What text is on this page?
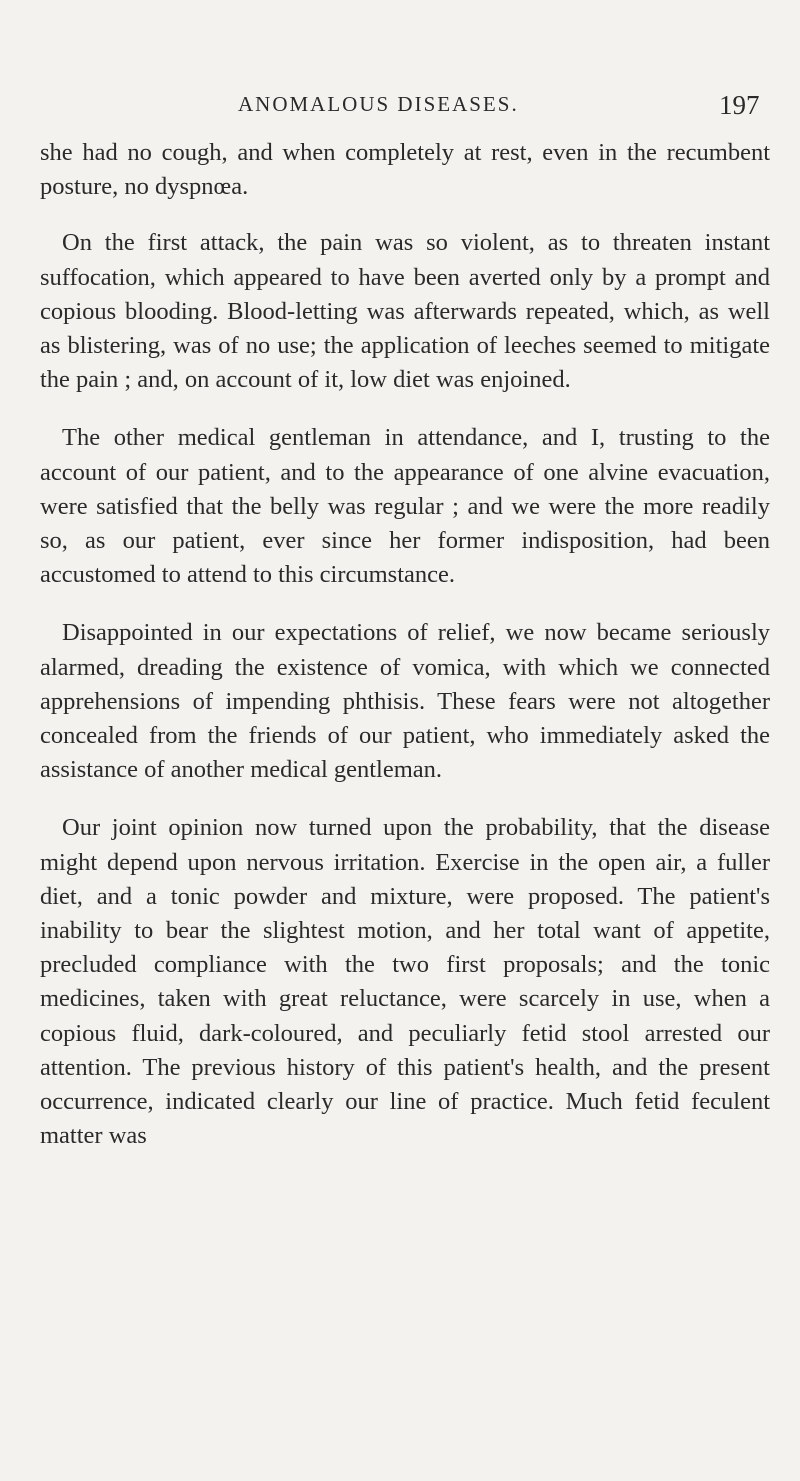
ANOMALOUS DISEASES.	197

she had no cough, and when completely at rest, even in the recumbent posture, no dyspnœa.

On the first attack, the pain was so violent, as to threaten instant suffocation, which appeared to have been averted only by a prompt and copious blooding. Blood-letting was afterwards repeated, which, as well as blistering, was of no use; the application of leeches seemed to mitigate the pain ; and, on account of it, low diet was enjoined.

The other medical gentleman in attendance, and I, trusting to the account of our patient, and to the appearance of one alvine evacuation, were satisfied that the belly was regular ; and we were the more readily so, as our patient, ever since her former indisposition, had been accustomed to attend to this circumstance.

Disappointed in our expectations of relief, we now became seriously alarmed, dreading the existence of vomica, with which we connected apprehensions of impending phthisis. These fears were not altogether concealed from the friends of our patient, who immediately asked the assistance of another medical gentleman.

Our joint opinion now turned upon the probability, that the disease might depend upon nervous irritation. Exercise in the open air, a fuller diet, and a tonic powder and mixture, were proposed. The patient's inability to bear the slightest motion, and her total want of appetite, precluded compliance with the two first proposals; and the tonic medicines, taken with great reluctance, were scarcely in use, when a copious fluid, dark-coloured, and peculiarly fetid stool arrested our attention. The previous history of this patient's health, and the present occurrence, indicated clearly our line of practice. Much fetid feculent matter was
